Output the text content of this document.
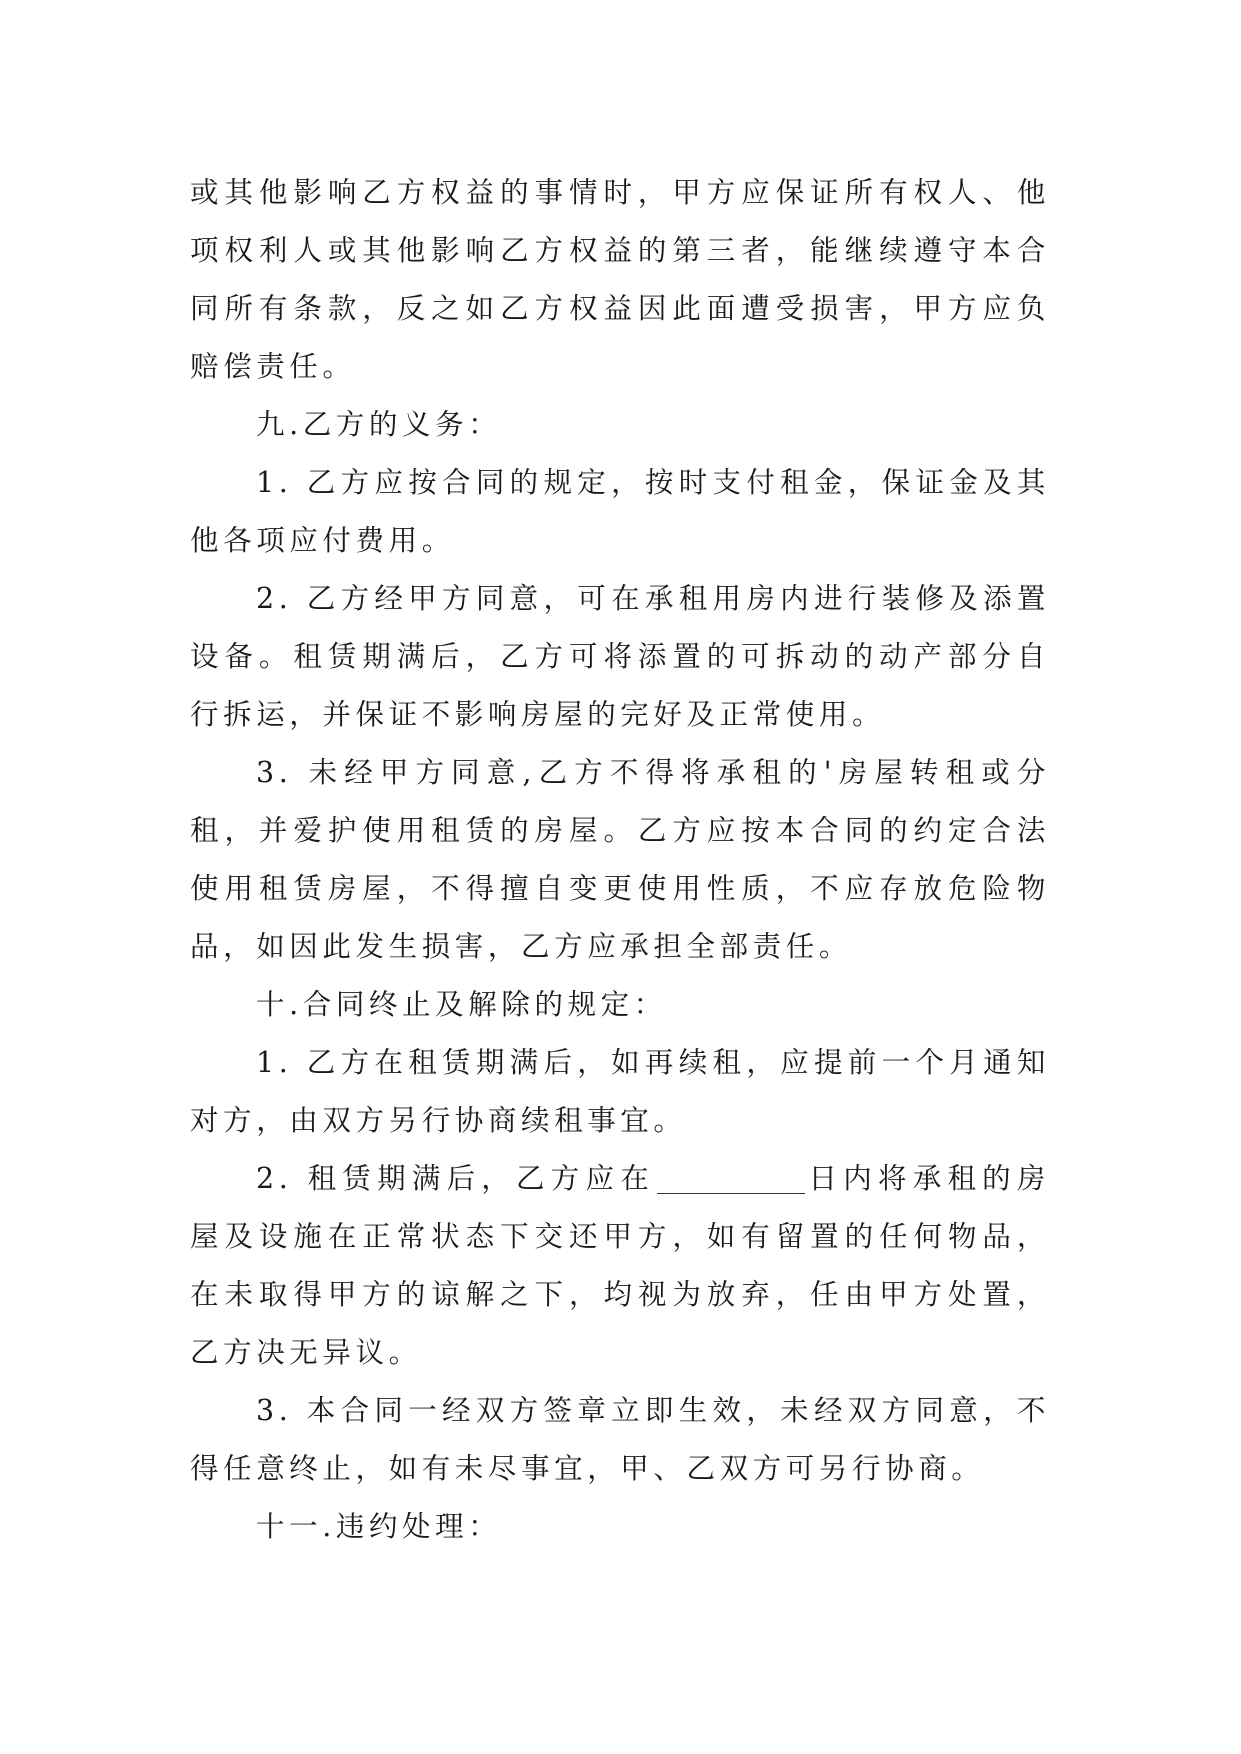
或其他影响乙方权益的事情时，甲方应保证所有权人、他项权利人或其他影响乙方权益的第三者，能继续遵守本合同所有条款，反之如乙方权益因此面遭受损害，甲方应负赔偿责任。

九.乙方的义务：

1. 乙方应按合同的规定，按时支付租金，保证金及其他各项应付费用。

2. 乙方经甲方同意，可在承租用房内进行装修及添置设备。租赁期满后，乙方可将添置的可拆动的动产部分自行拆运，并保证不影响房屋的完好及正常使用。

3. 未经甲方同意,乙方不得将承租的'房屋转租或分租，并爱护使用租赁的房屋。乙方应按本合同的约定合法使用租赁房屋，不得擅自变更使用性质，不应存放危险物品，如因此发生损害，乙方应承担全部责任。

十.合同终止及解除的规定：

1. 乙方在租赁期满后，如再续租，应提前一个月通知对方，由双方另行协商续租事宜。

2. 租赁期满后，乙方应在	日内将承租的房屋及设施在正常状态下交还甲方，如有留置的任何物品，在未取得甲方的谅解之下，均视为放弃，任由甲方处置，乙方决无异议。

3. 本合同一经双方签章立即生效，未经双方同意，不得任意终止，如有未尽事宜，甲、乙双方可另行协商。

十一.违约处理：
